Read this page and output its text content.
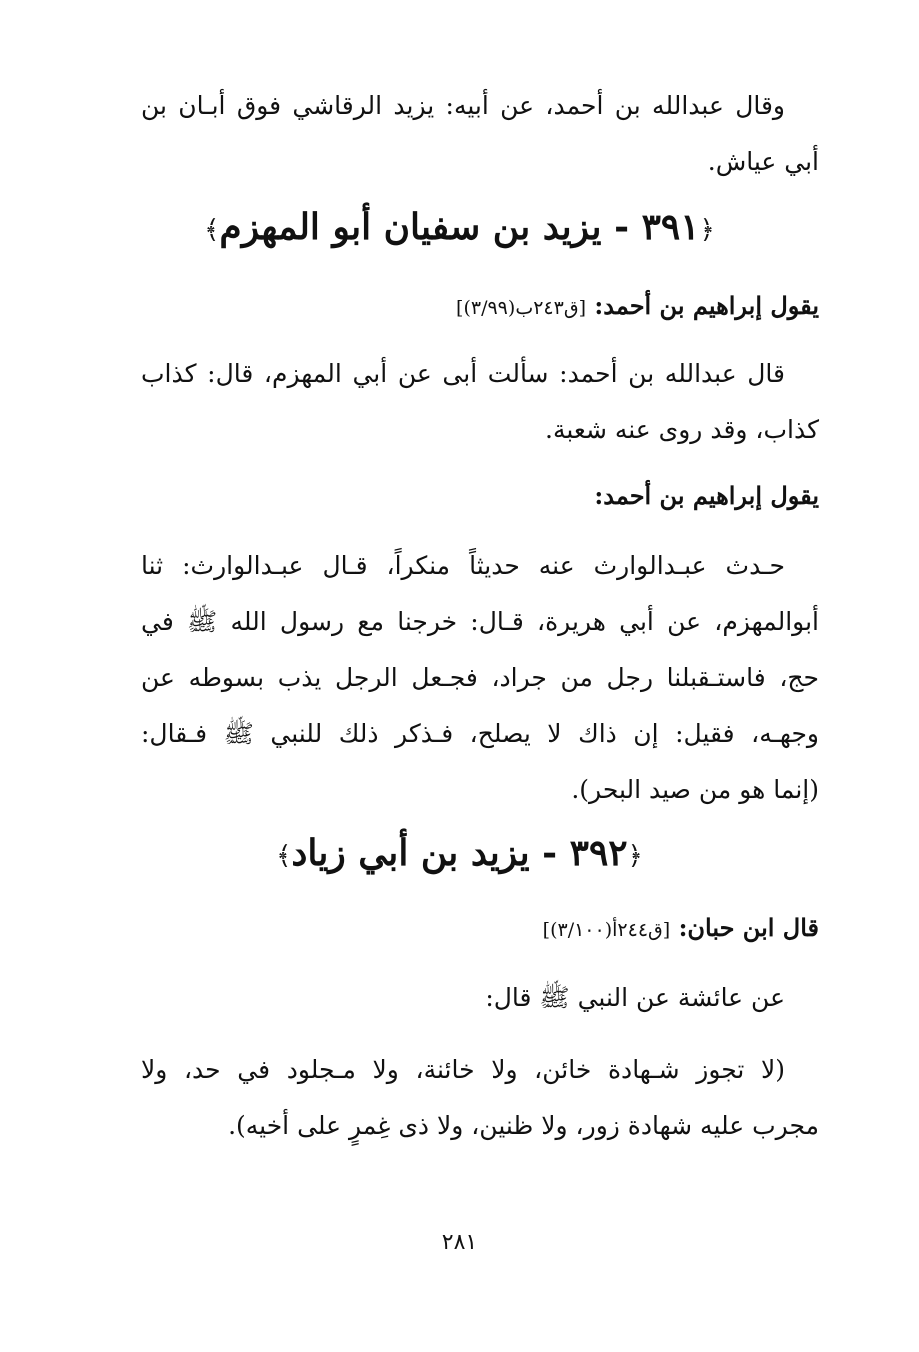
وقال عبدالله بن أحمد، عن أبيه: يزيد الرقاشي فوق أبـان بن
أبي عياش.
﴿٣٩١ - يزيد بن سفيان أبو المهزم﴾
يقول إبراهيم بن أحمد: [ق٢٤٣ب(٣/٩٩)]
قال عبدالله بن أحمد: سألت أبى عن أبي المهزم، قال: كذاب
كذاب، وقد روى عنه شعبة.
يقول إبراهيم بن أحمد:
حـدث عبـدالوارث عنه حديثاً منكراً، قـال عبـدالوارث: ثنا
أبوالمهزم، عن أبي هريرة، قـال: خرجنا مع رسول الله ﷺ في
حج، فاستـقبلنا رجل من جراد، فجـعل الرجل يذب بسوطه عن
وجهـه، فقيل: إن ذاك لا يصلح، فـذكر ذلك للنبي ﷺ فـقال:
(إنما هو من صيد البحر).
﴿٣٩٢ - يزيد بن أبي زياد﴾
قال ابن حبان: [ق٢٤٤أ(٣/١٠٠)]
عن عائشة عن النبي ﷺ قال:
(لا تجوز شـهادة خائن، ولا خائنة، ولا مـجلود في حد، ولا
مجرب عليه شهادة زور، ولا ظنين، ولا ذى غِمرٍ على أخيه).
٢٨١
